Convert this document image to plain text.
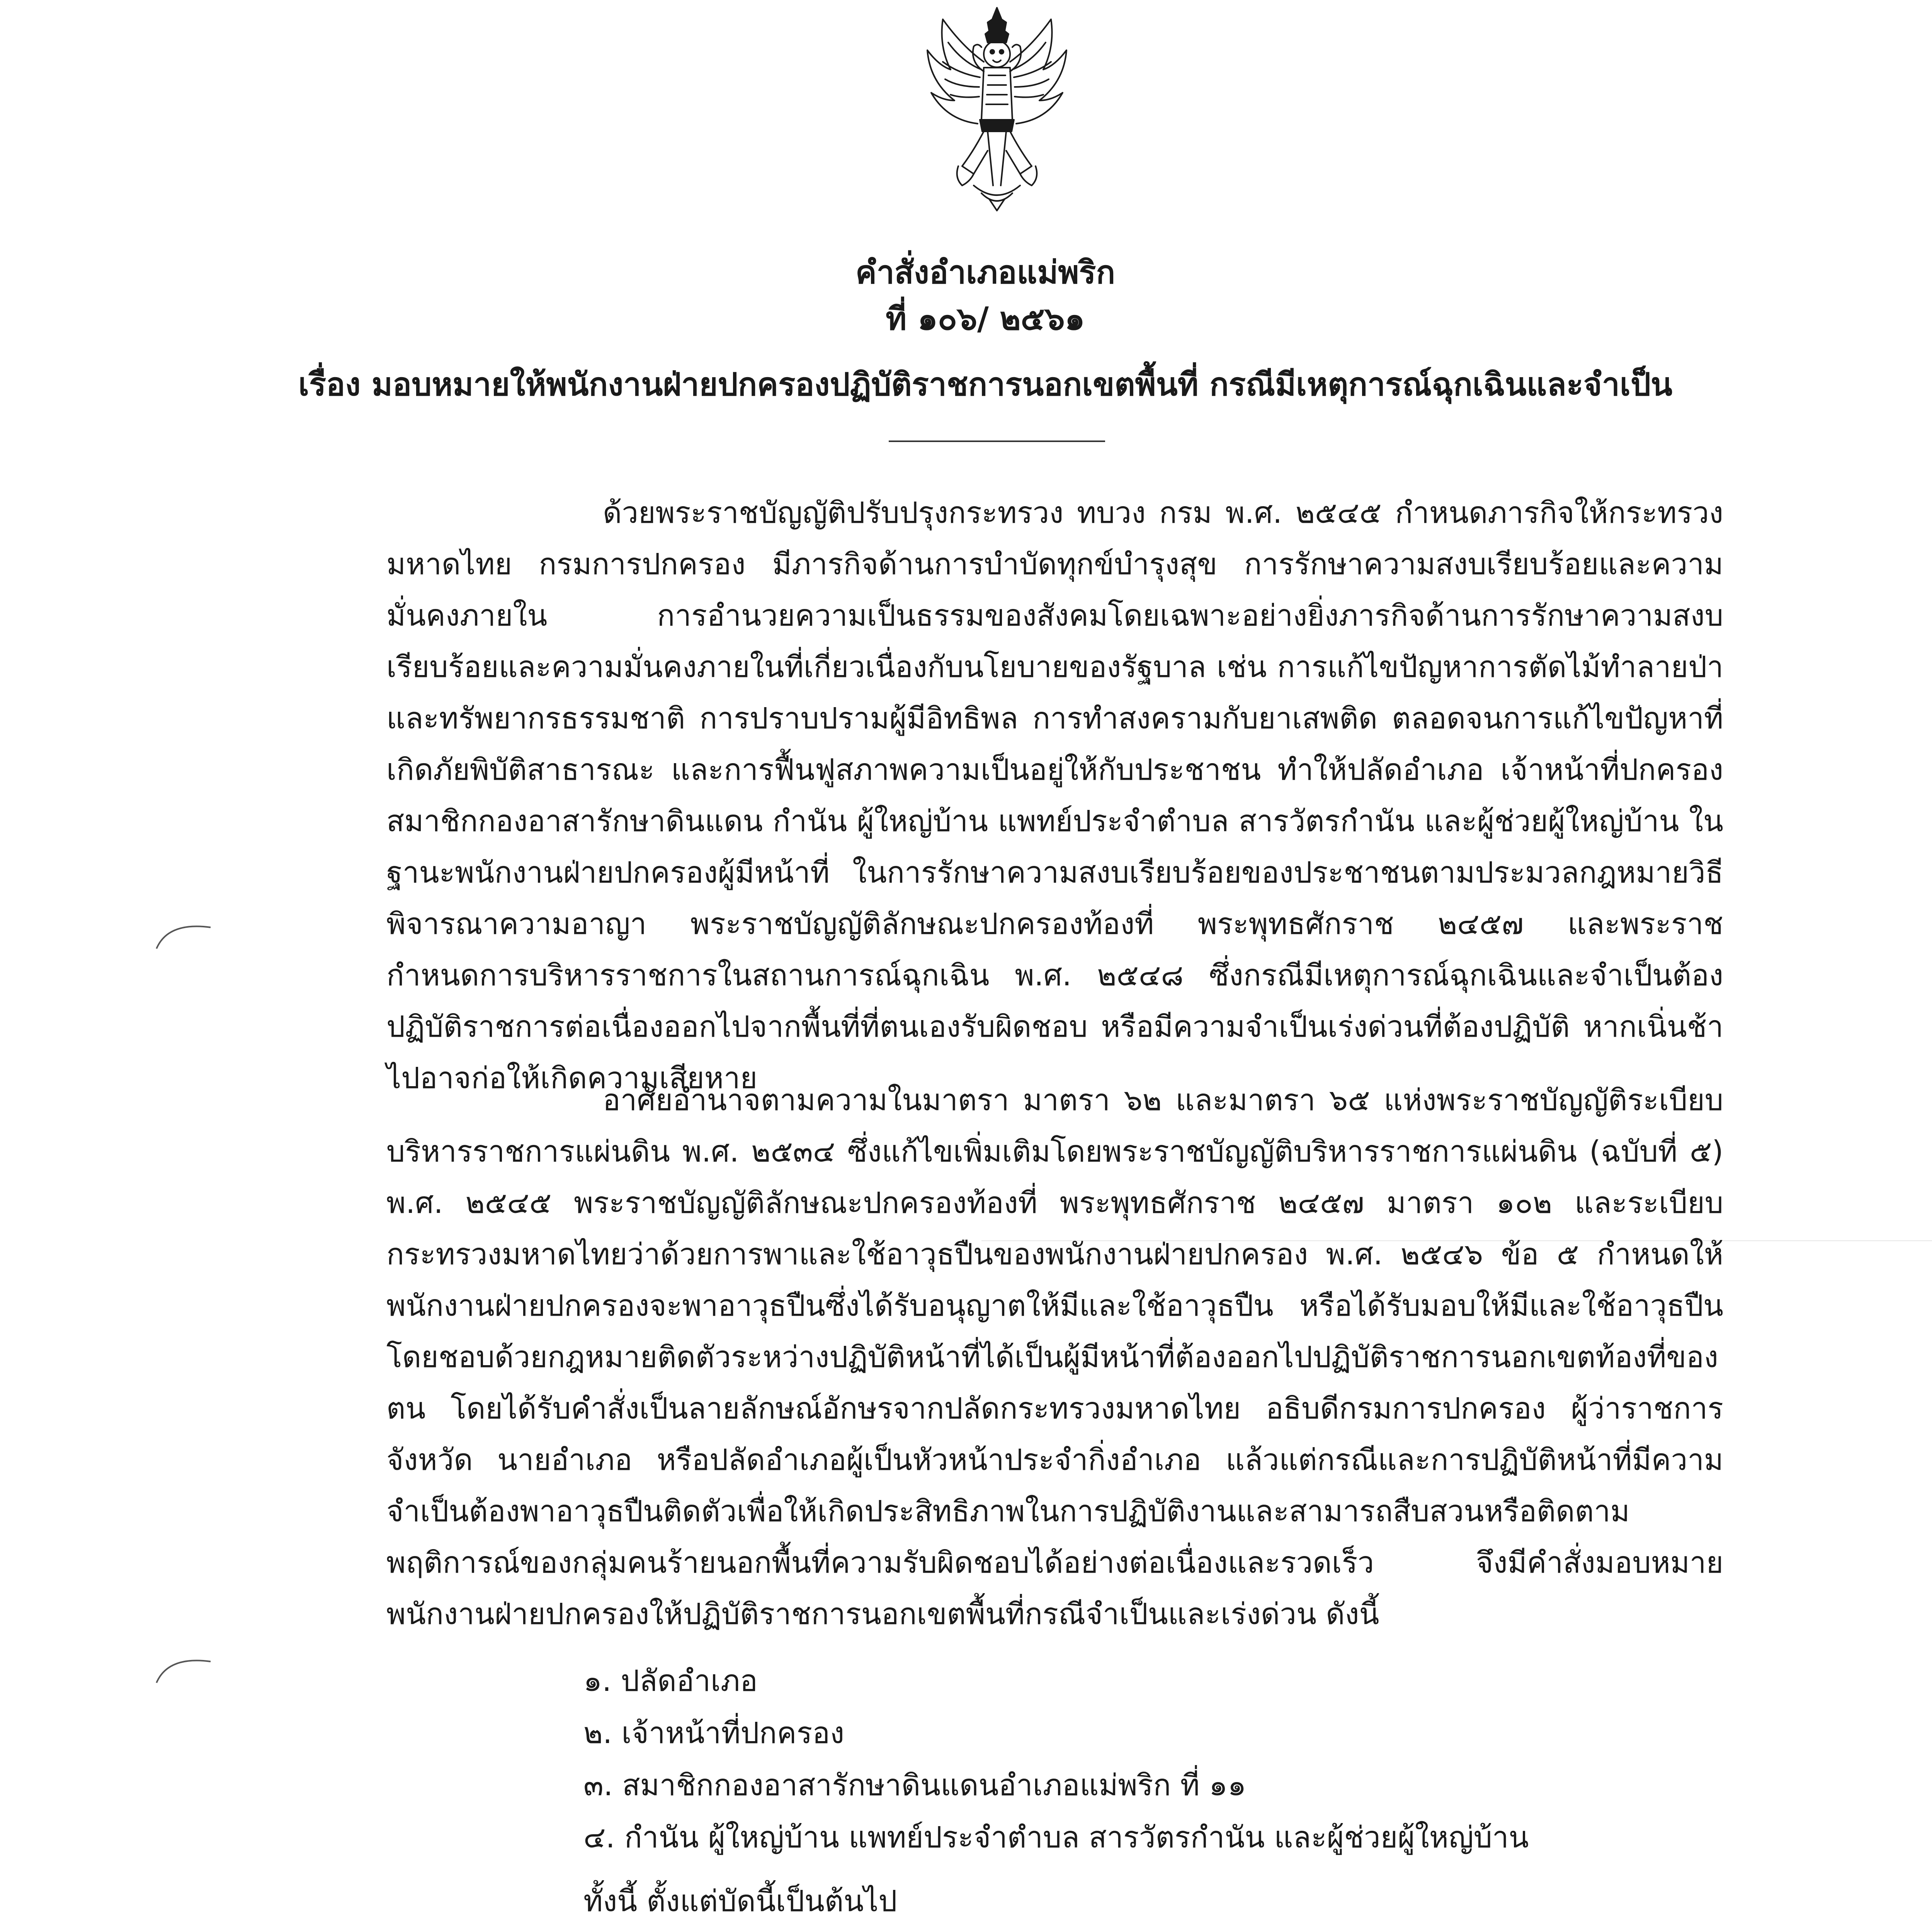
คำสั่งอำเภอแม่พริก
ที่ ๑๐๖/ ๒๕๖๑
เรื่อง มอบหมายให้พนักงานฝ่ายปกครองปฏิบัติราชการนอกเขตพื้นที่ กรณีมีเหตุการณ์ฉุกเฉินและจำเป็น
ด้วยพระราชบัญญัติปรับปรุงกระทรวง ทบวง กรม พ.ศ. ๒๕๔๕ กำหนดภารกิจให้กระทรวงมหาดไทย กรมการปกครอง มีภารกิจด้านการบำบัดทุกข์บำรุงสุข การรักษาความสงบเรียบร้อยและความมั่นคงภายใน การอำนวยความเป็นธรรมของสังคมโดยเฉพาะอย่างยิ่งภารกิจด้านการรักษาความสงบเรียบร้อยและความมั่นคงภายในที่เกี่ยวเนื่องกับนโยบายของรัฐบาล เช่น การแก้ไขปัญหาการตัดไม้ทำลายป่าและทรัพยากรธรรมชาติ การปราบปรามผู้มีอิทธิพล การทำสงครามกับยาเสพติด ตลอดจนการแก้ไขปัญหาที่เกิดภัยพิบัติสาธารณะ และการฟื้นฟูสภาพความเป็นอยู่ให้กับประชาชน ทำให้ปลัดอำเภอ เจ้าหน้าที่ปกครอง สมาชิกกองอาสารักษาดินแดน กำนัน ผู้ใหญ่บ้าน แพทย์ประจำตำบล สารวัตรกำนัน และผู้ช่วยผู้ใหญ่บ้าน ในฐานะพนักงานฝ่ายปกครองผู้มีหน้าที่ ในการรักษาความสงบเรียบร้อยของประชาชนตามประมวลกฎหมายวิธีพิจารณาความอาญา พระราชบัญญัติลักษณะปกครองท้องที่ พระพุทธศักราช ๒๔๕๗ และพระราชกำหนดการบริหารราชการในสถานการณ์ฉุกเฉิน พ.ศ. ๒๕๔๘ ซึ่งกรณีมีเหตุการณ์ฉุกเฉินและจำเป็นต้องปฏิบัติราชการต่อเนื่องออกไปจากพื้นที่ที่ตนเองรับผิดชอบ หรือมีความจำเป็นเร่งด่วนที่ต้องปฏิบัติ หากเนิ่นช้าไปอาจก่อให้เกิดความเสียหาย
อาศัยอำนาจตามความในมาตรา มาตรา ๖๒ และมาตรา ๖๕ แห่งพระราชบัญญัติระเบียบบริหารราชการแผ่นดิน พ.ศ. ๒๕๓๔ ซึ่งแก้ไขเพิ่มเติมโดยพระราชบัญญัติบริหารราชการแผ่นดิน (ฉบับที่ ๕) พ.ศ. ๒๕๔๕ พระราชบัญญัติลักษณะปกครองท้องที่ พระพุทธศักราช ๒๔๕๗ มาตรา ๑๐๒ และระเบียบกระทรวงมหาดไทยว่าด้วยการพาและใช้อาวุธปืนของพนักงานฝ่ายปกครอง พ.ศ. ๒๕๔๖ ข้อ ๕ กำหนดให้พนักงานฝ่ายปกครองจะพาอาวุธปืนซึ่งได้รับอนุญาตให้มีและใช้อาวุธปืน หรือได้รับมอบให้มีและใช้อาวุธปืนโดยชอบด้วยกฎหมายติดตัวระหว่างปฏิบัติหน้าที่ได้เป็นผู้มีหน้าที่ต้องออกไปปฏิบัติราชการนอกเขตท้องที่ของตน โดยได้รับคำสั่งเป็นลายลักษณ์อักษรจากปลัดกระทรวงมหาดไทย อธิบดีกรมการปกครอง ผู้ว่าราชการจังหวัด นายอำเภอ หรือปลัดอำเภอผู้เป็นหัวหน้าประจำกิ่งอำเภอ แล้วแต่กรณีและการปฏิบัติหน้าที่มีความจำเป็นต้องพาอาวุธปืนติดตัวเพื่อให้เกิดประสิทธิภาพในการปฏิบัติงานและสามารถสืบสวนหรือติดตามพฤติการณ์ของกลุ่มคนร้ายนอกพื้นที่ความรับผิดชอบได้อย่างต่อเนื่องและรวดเร็ว จึงมีคำสั่งมอบหมายพนักงานฝ่ายปกครองให้ปฏิบัติราชการนอกเขตพื้นที่กรณีจำเป็นและเร่งด่วน ดังนี้
๑. ปลัดอำเภอ
๒. เจ้าหน้าที่ปกครอง
๓. สมาชิกกองอาสารักษาดินแดนอำเภอแม่พริก ที่ ๑๑
๔. กำนัน ผู้ใหญ่บ้าน แพทย์ประจำตำบล สารวัตรกำนัน และผู้ช่วยผู้ใหญ่บ้าน
ทั้งนี้ ตั้งแต่บัดนี้เป็นต้นไป
